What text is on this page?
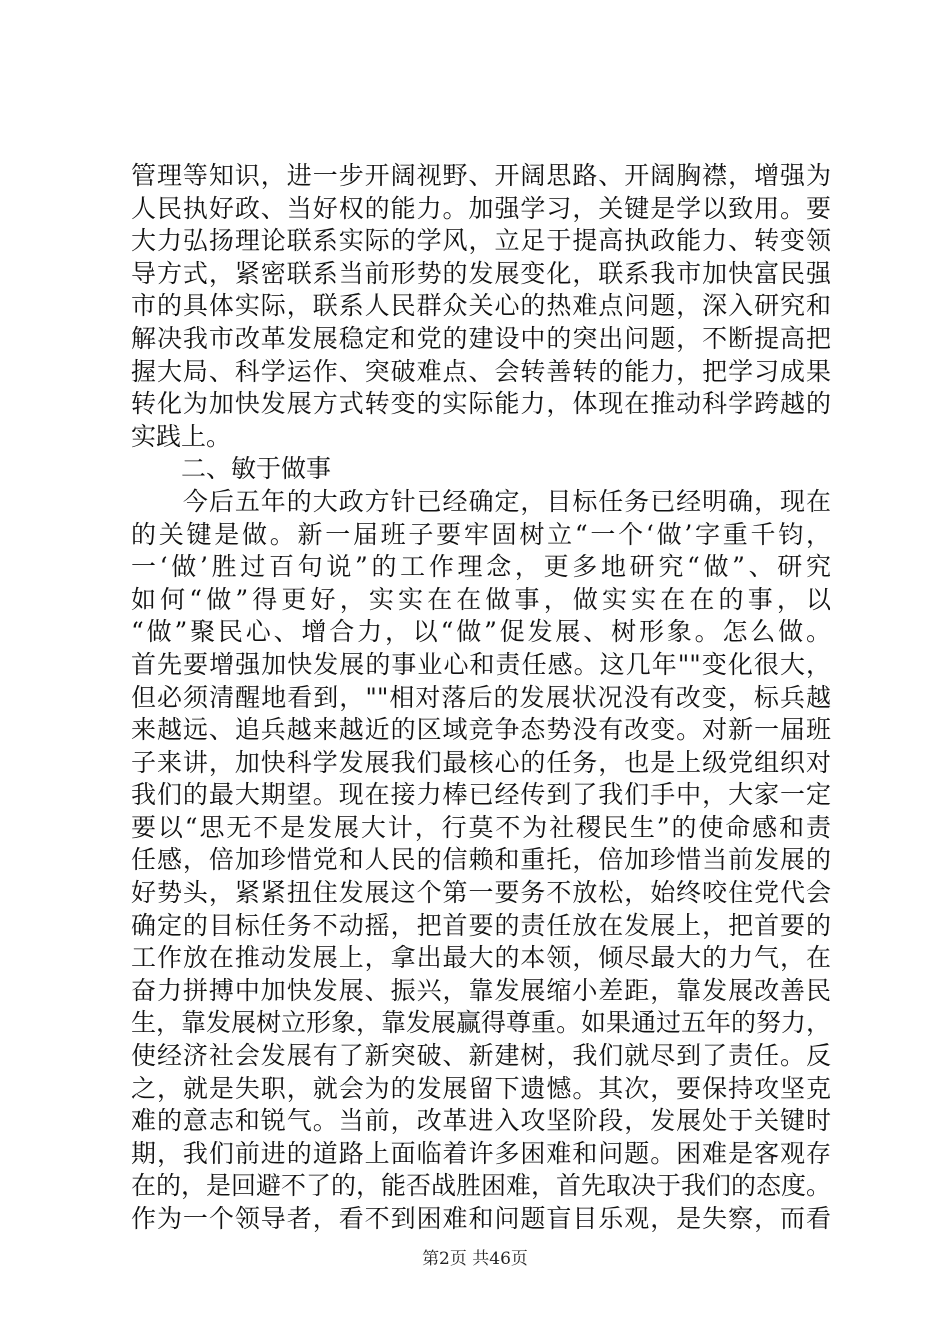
管理等知识，进一步开阔视野、开阔思路、开阔胸襟，增强为
人民执好政、当好权的能力。加强学习，关键是学以致用。要
大力弘扬理论联系实际的学风，立足于提高执政能力、转变领
导方式，紧密联系当前形势的发展变化，联系我市加快富民强
市的具体实际，联系人民群众关心的热难点问题，深入研究和
解决我市改革发展稳定和党的建设中的突出问题，不断提高把
握大局、科学运作、突破难点、会转善转的能力，把学习成果
转化为加快发展方式转变的实际能力，体现在推动科学跨越的
实践上。
　　二、敏于做事
　　今后五年的大政方针已经确定，目标任务已经明确，现在
的关键是做。新一届班子要牢固树立“一个‘做’字重千钧，
一‘做’胜过百句说”的工作理念，更多地研究“做”、研究
如何“做”得更好，实实在在做事，做实实在在的事，以
“做”聚民心、增合力，以“做”促发展、树形象。怎么做。
首先要增强加快发展的事业心和责任感。这几年""变化很大，
但必须清醒地看到，""相对落后的发展状况没有改变，标兵越
来越远、追兵越来越近的区域竞争态势没有改变。对新一届班
子来讲，加快科学发展我们最核心的任务，也是上级党组织对
我们的最大期望。现在接力棒已经传到了我们手中，大家一定
要以“思无不是发展大计，行莫不为社稷民生”的使命感和责
任感，倍加珍惜党和人民的信赖和重托，倍加珍惜当前发展的
好势头，紧紧扭住发展这个第一要务不放松，始终咬住党代会
确定的目标任务不动摇，把首要的责任放在发展上，把首要的
工作放在推动发展上，拿出最大的本领，倾尽最大的力气，在
奋力拼搏中加快发展、振兴，靠发展缩小差距，靠发展改善民
生，靠发展树立形象，靠发展赢得尊重。如果通过五年的努力，
使经济社会发展有了新突破、新建树，我们就尽到了责任。反
之，就是失职，就会为的发展留下遗憾。其次，要保持攻坚克
难的意志和锐气。当前，改革进入攻坚阶段，发展处于关键时
期，我们前进的道路上面临着许多困难和问题。困难是客观存
在的，是回避不了的，能否战胜困难，首先取决于我们的态度。
作为一个领导者，看不到困难和问题盲目乐观，是失察，而看
第2页 共46页
